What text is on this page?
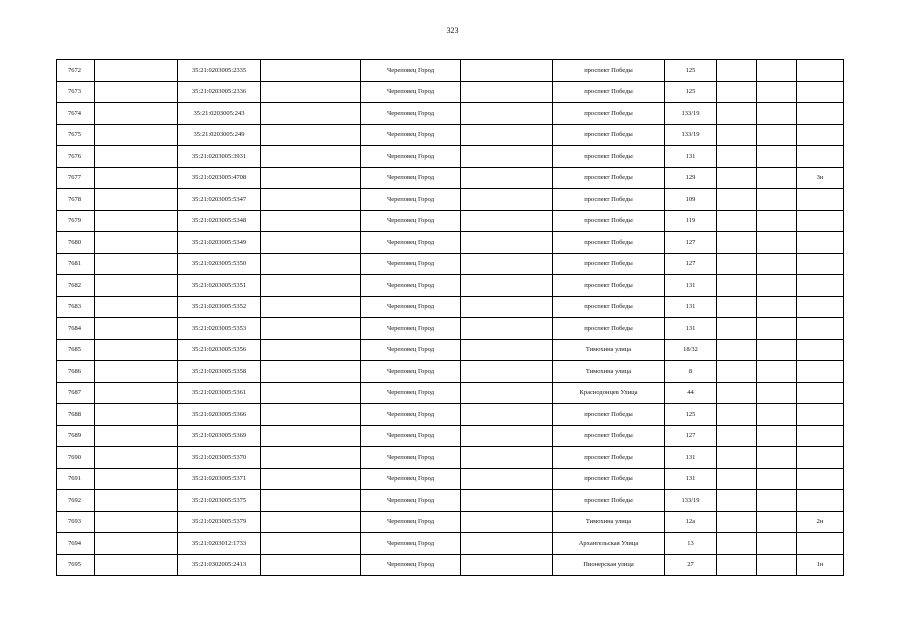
323
7672		35:21:0203005:2335		Череповец Город		проспект Победы	125			
7673		35:21:0203005:2336		Череповец Город		проспект Победы	125			
7674		35:21:0203005:243		Череповец Город		проспект Победы	133/19			
7675		35:21:0203005:249		Череповец Город		проспект Победы	133/19			
7676		35:21:0203005:3931		Череповец Город		проспект Победы	131			
7677		35:21:0203005:4708		Череповец Город		проспект Победы	129			3н
7678		35:21:0203005:5347		Череповец Город		проспект Победы	109			
7679		35:21:0203005:5348		Череповец Город		проспект Победы	119			
7680		35:21:0203005:5349		Череповец Город		проспект Победы	127			
7681		35:21:0203005:5350		Череповец Город		проспект Победы	127			
7682		35:21:0203005:5351		Череповец Город		проспект Победы	131			
7683		35:21:0203005:5352		Череповец Город		проспект Победы	131			
7684		35:21:0203005:5353		Череповец Город		проспект Победы	131			
7685		35:21:0203005:5356		Череповец Город		Тимохина улица	18/32			
7686		35:21:0203005:5358		Череповец Город		Тимохина улица	8			
7687		35:21:0203005:5361		Череповец Город		Краснодонцев Улица	44			
7688		35:21:0203005:5366		Череповец Город		проспект Победы	125			
7689		35:21:0203005:5369		Череповец Город		проспект Победы	127			
7690		35:21:0203005:5370		Череповец Город		проспект Победы	131			
7691		35:21:0203005:5371		Череповец Город		проспект Победы	131			
7692		35:21:0203005:5375		Череповец Город		проспект Победы	133/19			
7693		35:21:0203005:5379		Череповец Город		Тимохина улица	12а			2н
7694		35:21:0203012:1733		Череповец Город		Архангельская Улица	13			
7695		35:21:0302005:2413		Череповец Город		Пионерская улица	27			1н
